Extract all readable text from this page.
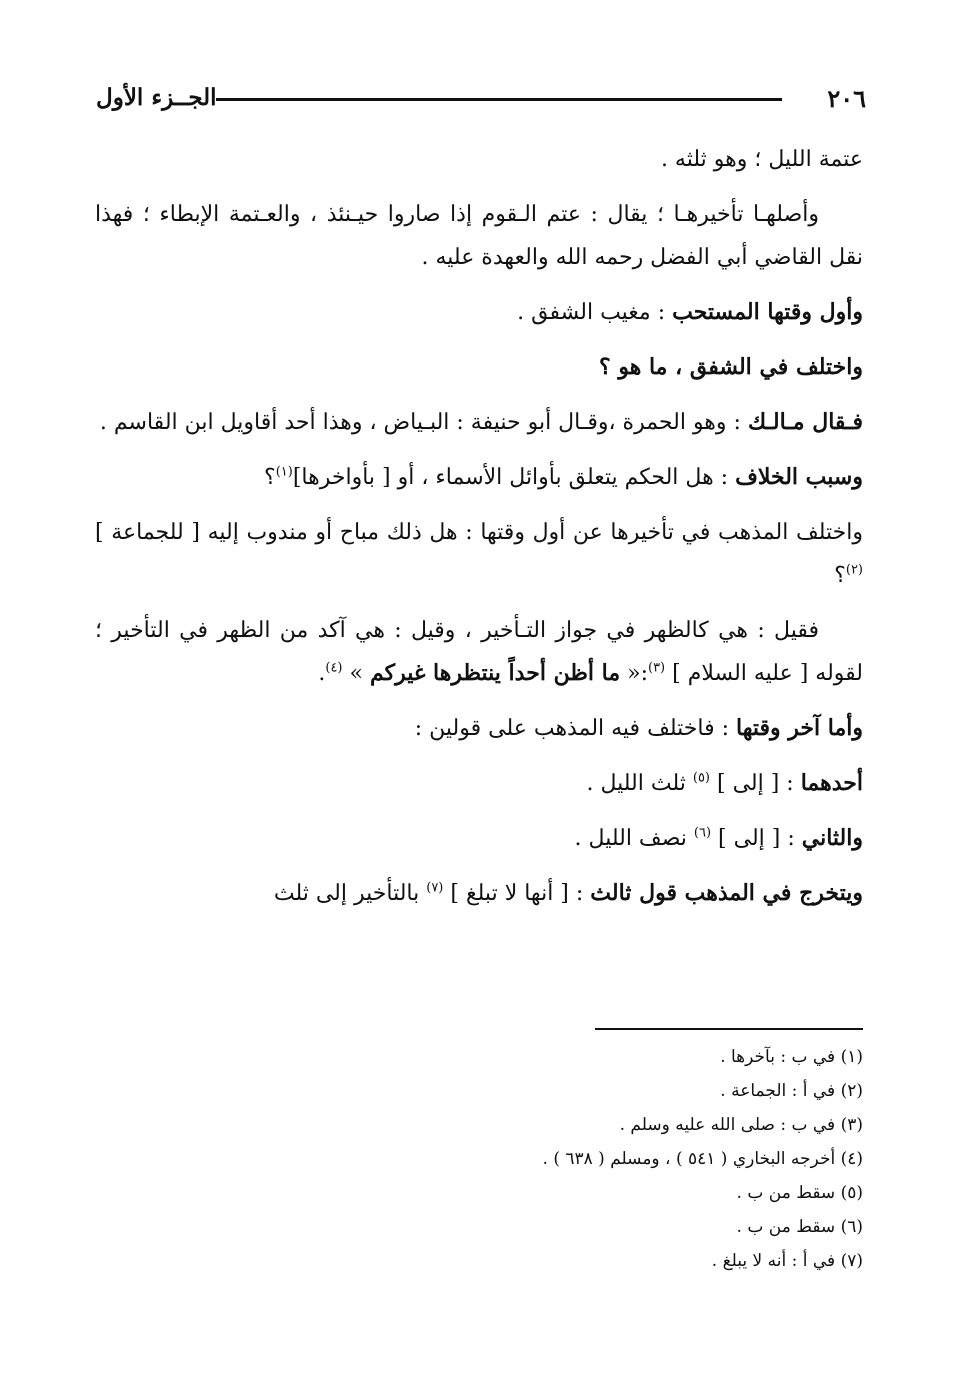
٢٠٦
الجــزء الأول

عتمة الليل ؛ وهو ثلثه .

وأصلهـا تأخيرهـا ؛ يقال : عتم الـقوم إذا صاروا حيـنئذ ، والعـتمة الإبطاء ؛ فهذا نقل القاضي أبي الفضل رحمه الله والعهدة عليه .

وأول وقتها المستحب : مغيب الشفق .

واختلف في الشفق ، ما هو ؟

فـقال مـالـك : وهو الحمرة ،وقـال أبو حنيفة : البـياض ، وهذا أحد أقاويل ابن القاسم .

وسبب الخلاف : هل الحكم يتعلق بأوائل الأسماء ، أو [ بأواخرها]$^{(١)}$؟

واختلف المذهب في تأخيرها عن أول وقتها : هل ذلك مباح أو مندوب إليه [ للجماعة ] $^{(٢)}$؟

فقيل : هي كالظهر في جواز التـأخير ، وقيل : هي آكد من الظهر في التأخير ؛ لقوله [ عليه السلام ] $^{(٣)}$:« ما أظن أحداً ينتظرها غيركم » $^{(٤)}$.

وأما آخر وقتها : فاختلف فيه المذهب على قولين :

أحدهما : [ إلى ] $^{(٥)}$ ثلث الليل .

والثاني : [ إلى ] $^{(٦)}$ نصف الليل .

ويتخرج في المذهب قول ثالث : [ أنها لا تبلغ ] $^{(٧)}$ بالتأخير إلى ثلث

(١) في ب : بآخرها .

(٢) في أ : الجماعة .

(٣) في ب : صلى الله عليه وسلم .

(٤) أخرجه البخاري ( ٥٤١ ) ، ومسلم ( ٦٣٨ ) .

(٥) سقط من ب .

(٦) سقط من ب .

(٧) في أ : أنه لا يبلغ .
